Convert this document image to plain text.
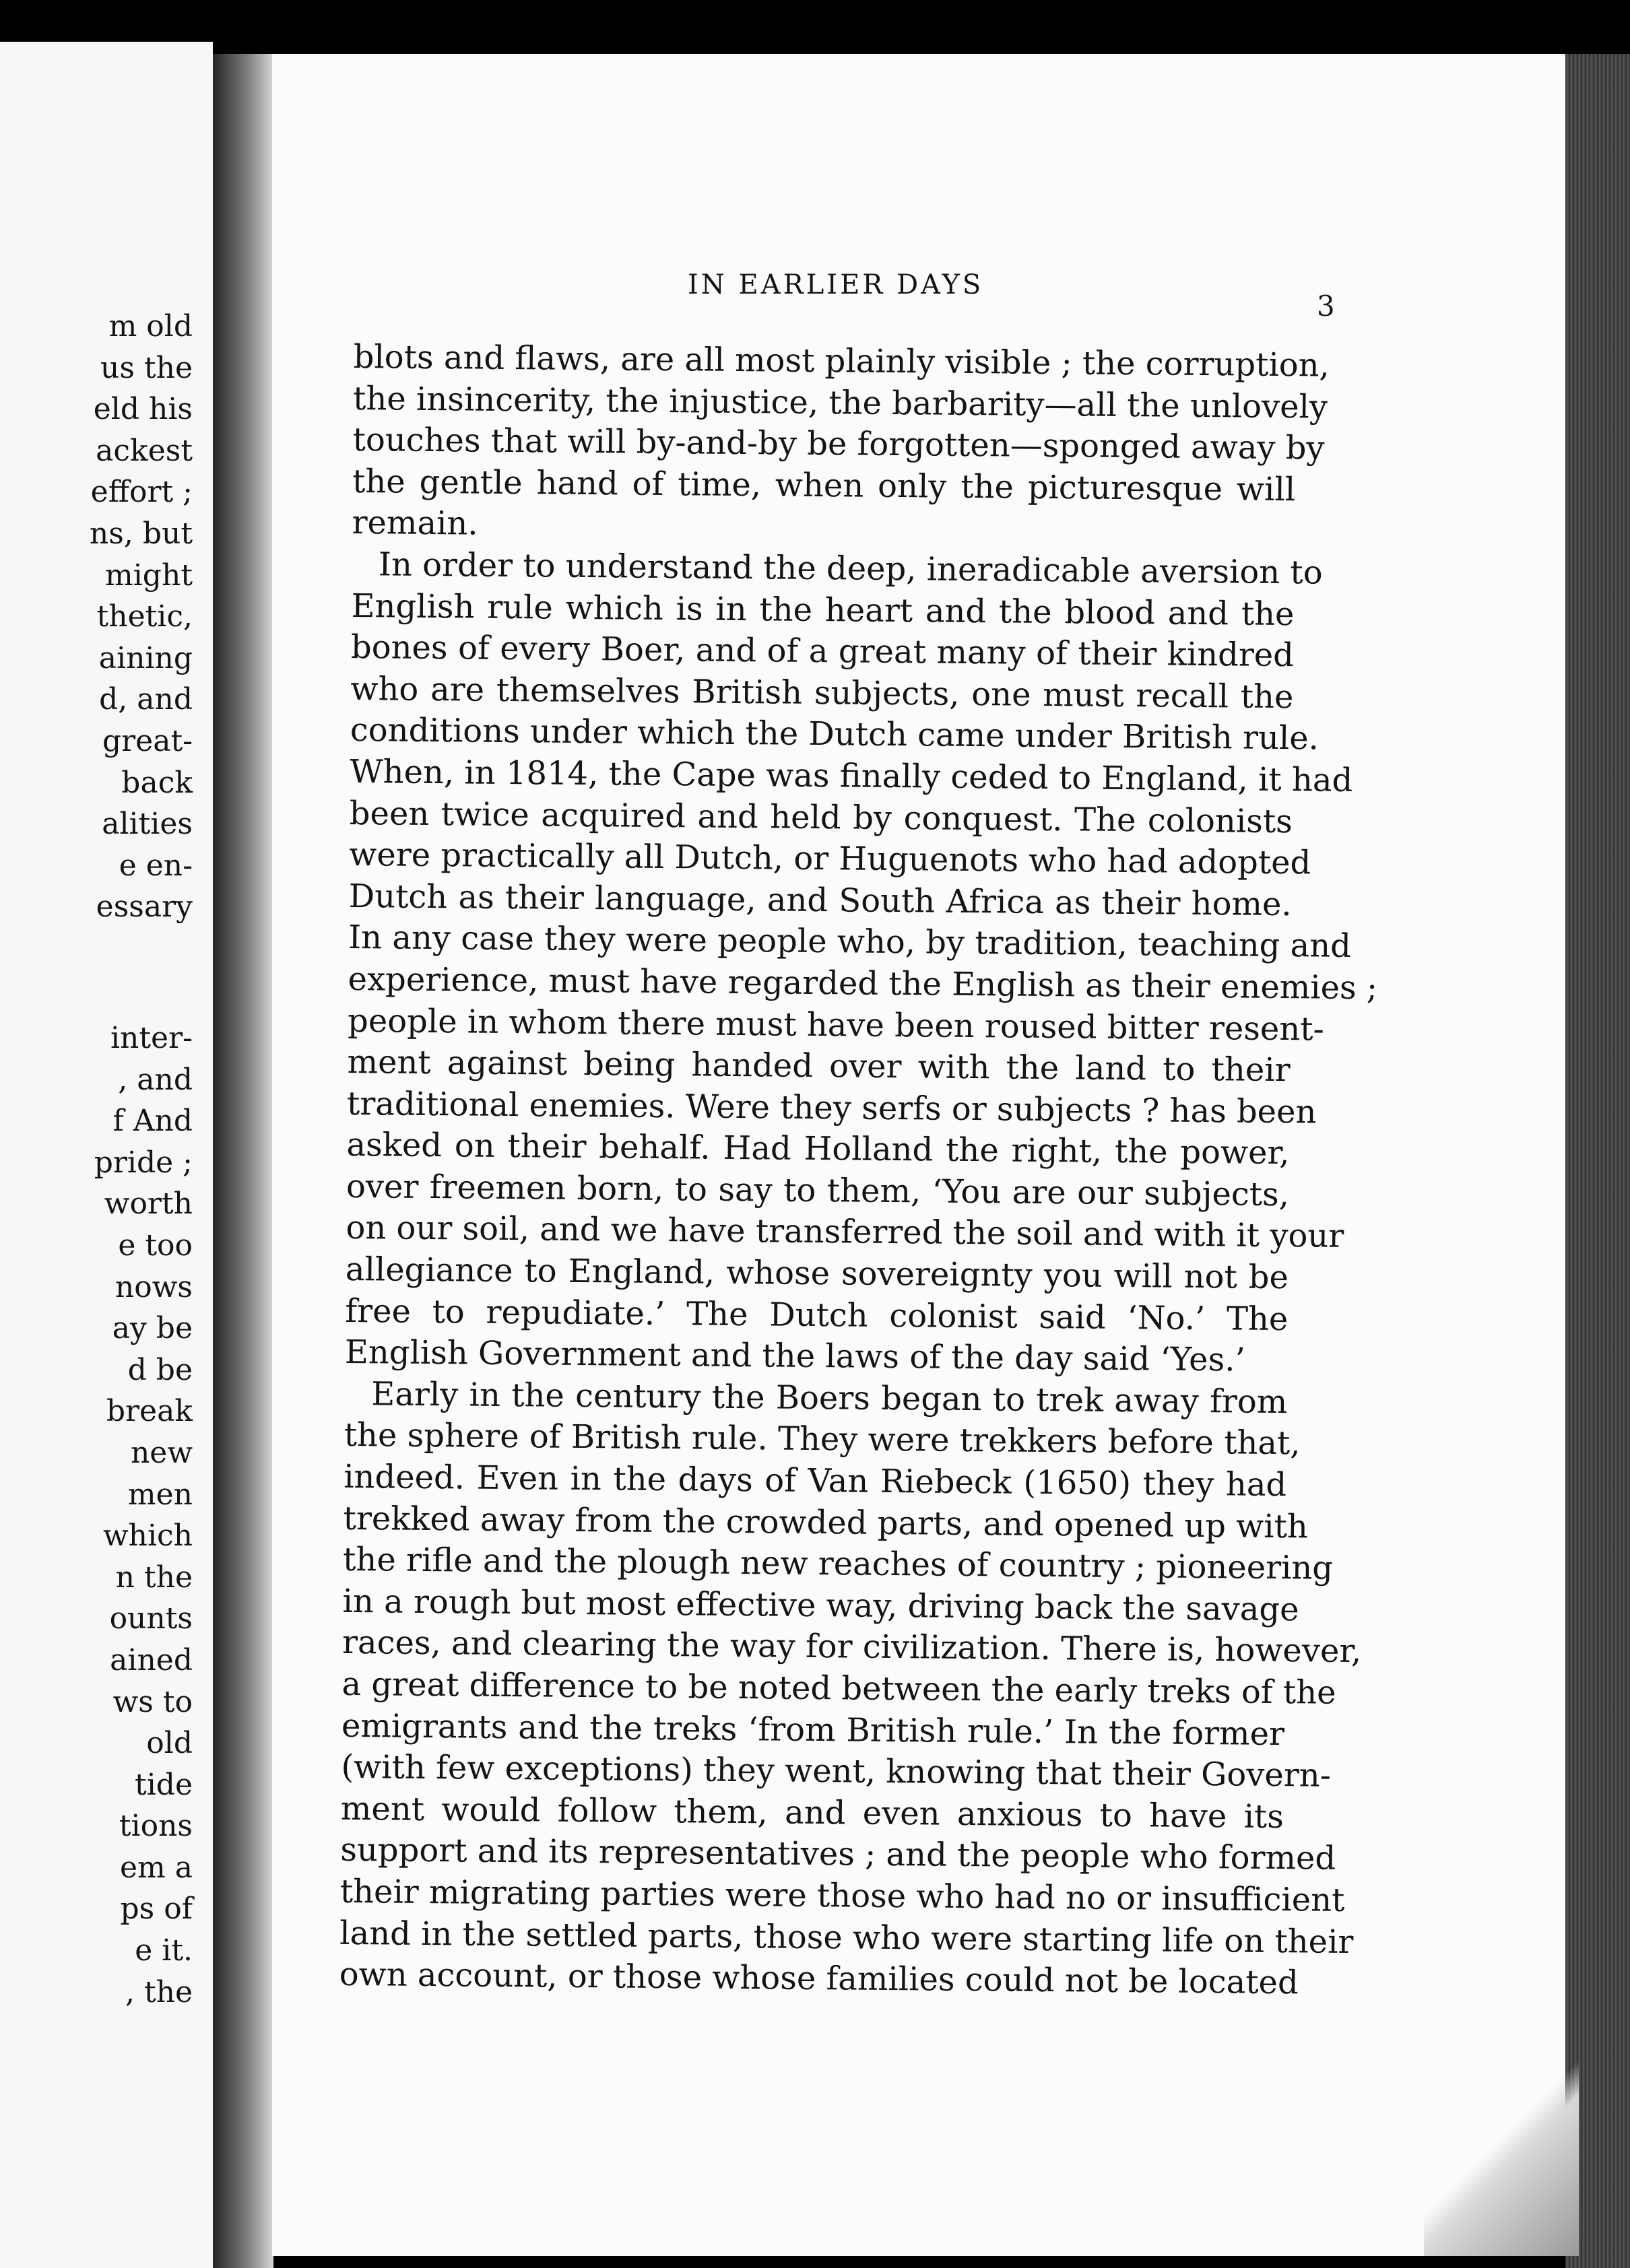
m old
us the
eld his
ackest
effort ;
ns, but
might
thetic,
aining
d, and
great-
back
alities
e en-
essary
inter-
, and
f And
pride ;
worth
e too
nows
ay be
d be
break
new
men
which
n the
ounts
ained
ws to
old
tide
tions
em a
ps of
e it.
, the
IN EARLIER DAYS
3
blots and flaws, are all most plainly visible ; the corruption,
the insincerity, the injustice, the barbarity—all the unlovely
touches that will by-and-by be forgotten—sponged away by
the gentle hand of time, when only the picturesque will
remain.
In order to understand the deep, ineradicable aversion to
English rule which is in the heart and the blood and the
bones of every Boer, and of a great many of their kindred
who are themselves British subjects, one must recall the
conditions under which the Dutch came under British rule.
When, in 1814, the Cape was finally ceded to England, it had
been twice acquired and held by conquest. The colonists
were practically all Dutch, or Huguenots who had adopted
Dutch as their language, and South Africa as their home.
In any case they were people who, by tradition, teaching and
experience, must have regarded the English as their enemies ;
people in whom there must have been roused bitter resent-
ment against being handed over with the land to their
traditional enemies. Were they serfs or subjects ? has been
asked on their behalf. Had Holland the right, the power,
over freemen born, to say to them, ‘You are our subjects,
on our soil, and we have transferred the soil and with it your
allegiance to England, whose sovereignty you will not be
free to repudiate.’ The Dutch colonist said ‘No.’ The
English Government and the laws of the day said ‘Yes.’
Early in the century the Boers began to trek away from
the sphere of British rule. They were trekkers before that,
indeed. Even in the days of Van Riebeck (1650) they had
trekked away from the crowded parts, and opened up with
the rifle and the plough new reaches of country ; pioneering
in a rough but most effective way, driving back the savage
races, and clearing the way for civilization. There is, however,
a great difference to be noted between the early treks of the
emigrants and the treks ‘from British rule.’ In the former
(with few exceptions) they went, knowing that their Govern-
ment would follow them, and even anxious to have its
support and its representatives ; and the people who formed
their migrating parties were those who had no or insufficient
land in the settled parts, those who were starting life on their
own account, or those whose families could not be located
